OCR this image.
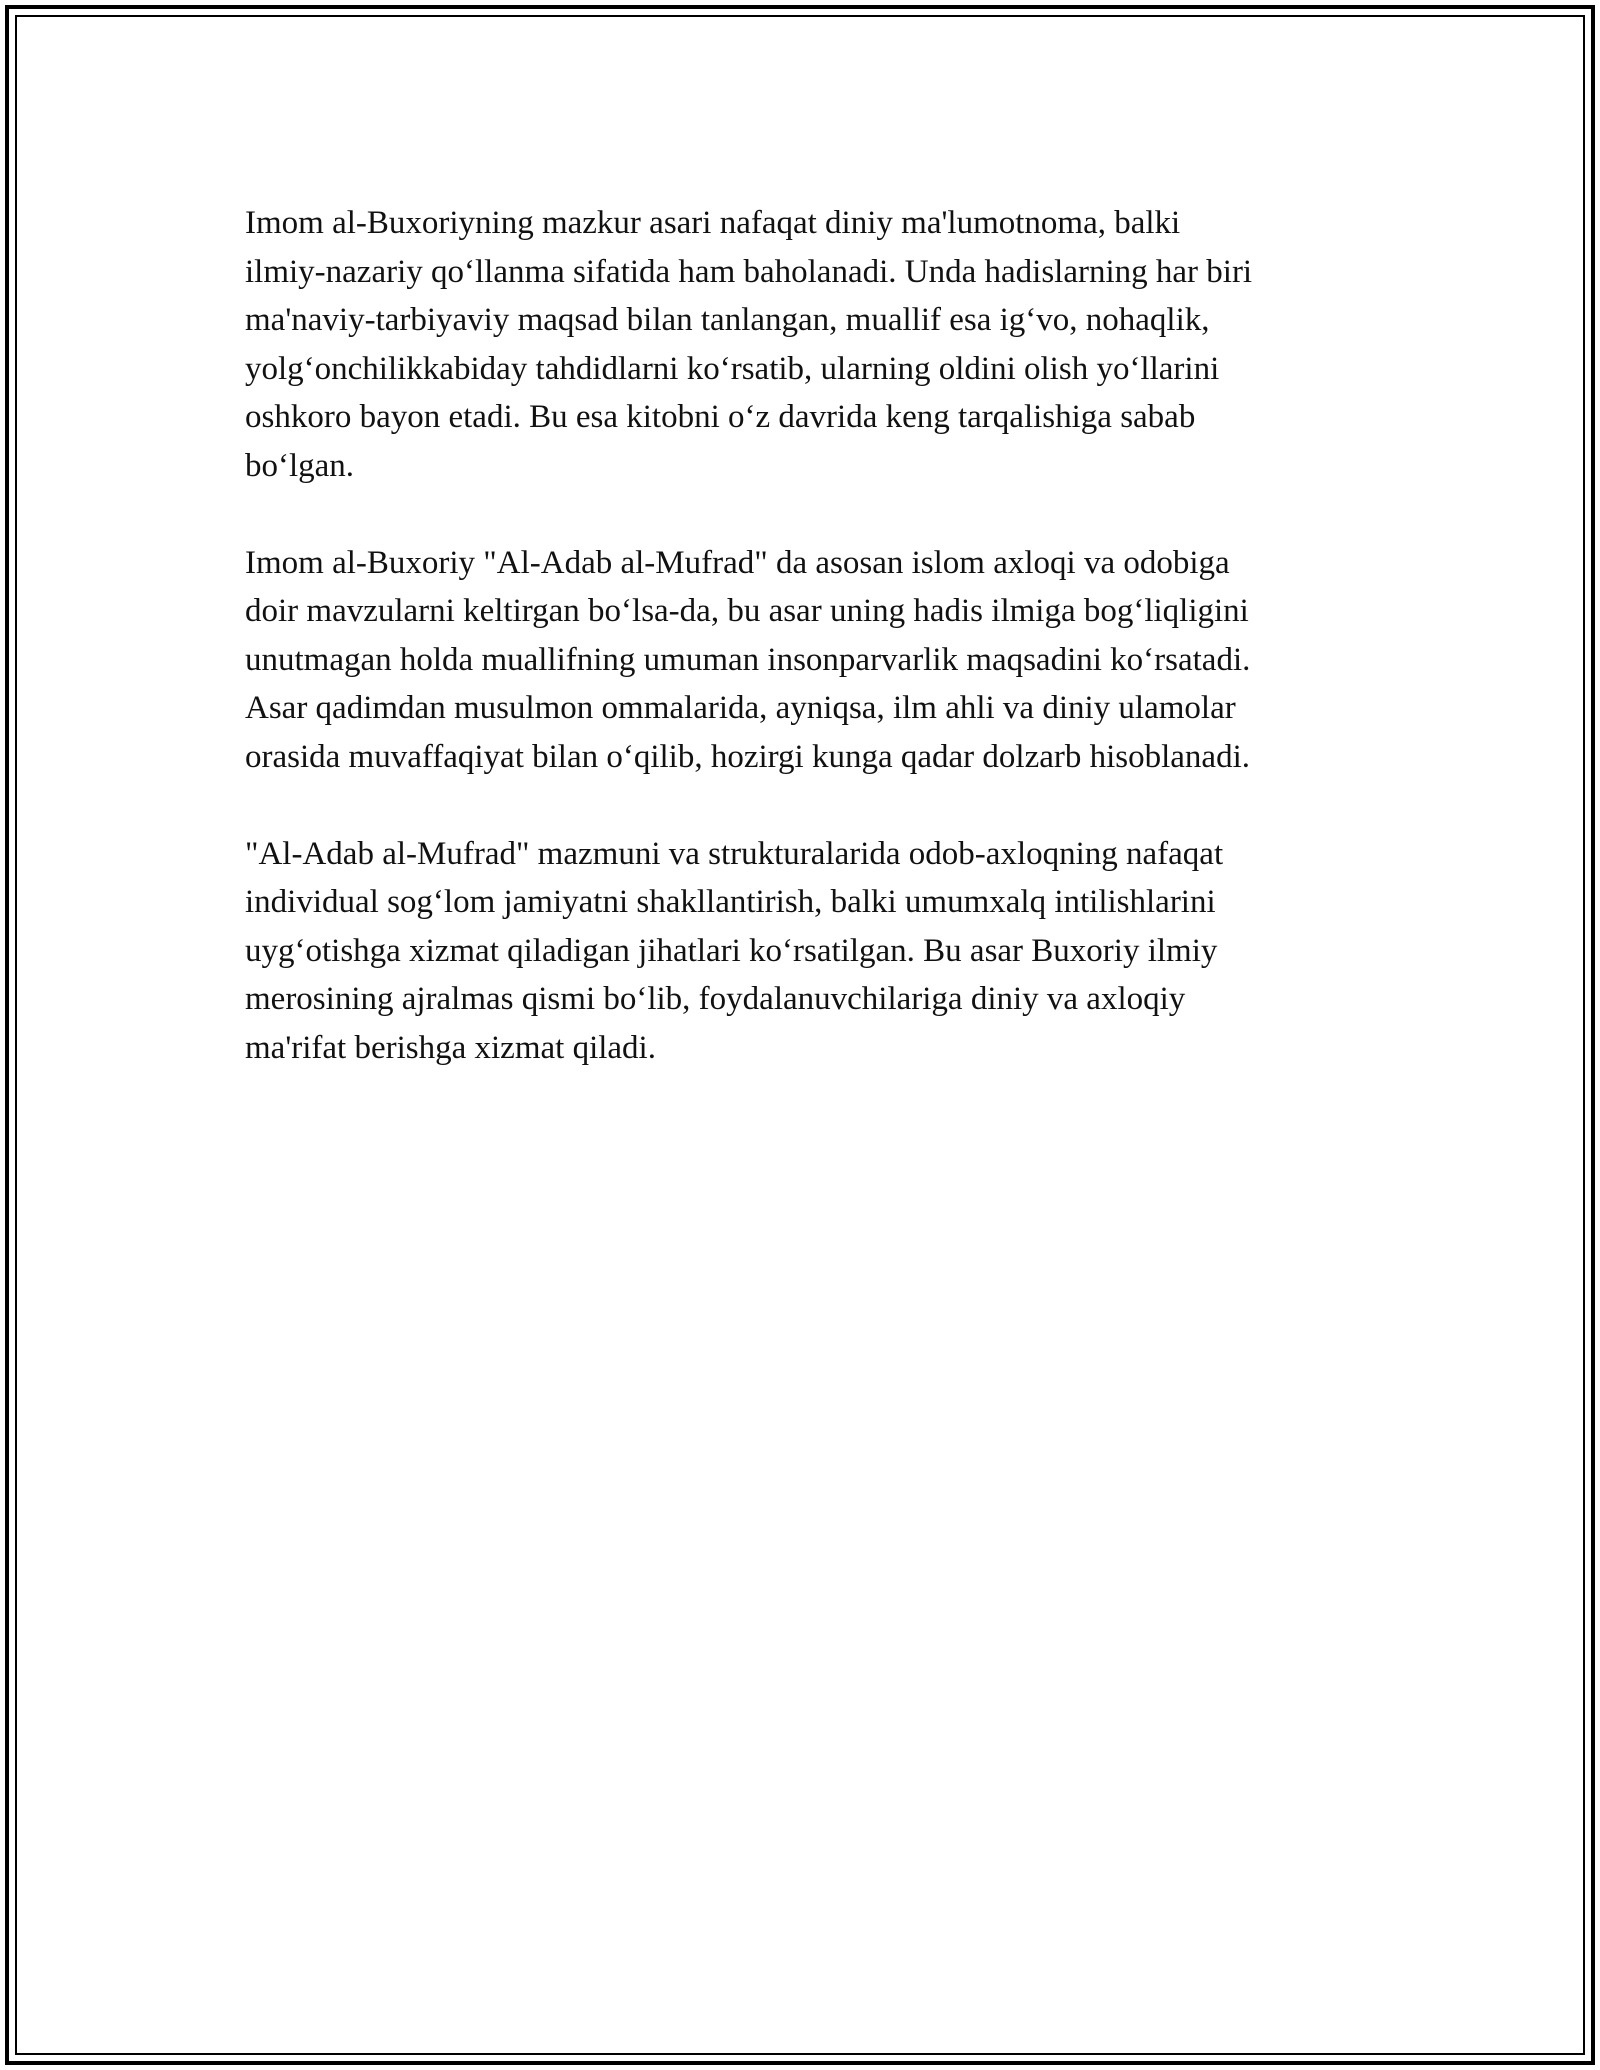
Imom al-Buxoriyning mazkur asari nafaqat diniy ma'lumotnoma, balki
ilmiy-nazariy qo‘llanma sifatida ham baholanadi. Unda hadislarning har biri
ma'naviy-tarbiyaviy maqsad bilan tanlangan, muallif esa ig‘vo, nohaqlik,
yolg‘onchilikkabiday tahdidlarni ko‘rsatib, ularning oldini olish yo‘llarini
oshkoro bayon etadi. Bu esa kitobni o‘z davrida keng tarqalishiga sabab
bo‘lgan.

Imom al-Buxoriy "Al-Adab al-Mufrad" da asosan islom axloqi va odobiga
doir mavzularni keltirgan bo‘lsa-da, bu asar uning hadis ilmiga bog‘liqligini
unutmagan holda muallifning umuman insonparvarlik maqsadini ko‘rsatadi.
Asar qadimdan musulmon ommalarida, ayniqsa, ilm ahli va diniy ulamolar
orasida muvaffaqiyat bilan o‘qilib, hozirgi kunga qadar dolzarb hisoblanadi.

"Al-Adab al-Mufrad" mazmuni va strukturalarida odob-axloqning nafaqat
individual sog‘lom jamiyatni shakllantirish, balki umumxalq intilishlarini
uyg‘otishga xizmat qiladigan jihatlari ko‘rsatilgan. Bu asar Buxoriy ilmiy
merosining ajralmas qismi bo‘lib, foydalanuvchilariga diniy va axloqiy
ma'rifat berishga xizmat qiladi.
